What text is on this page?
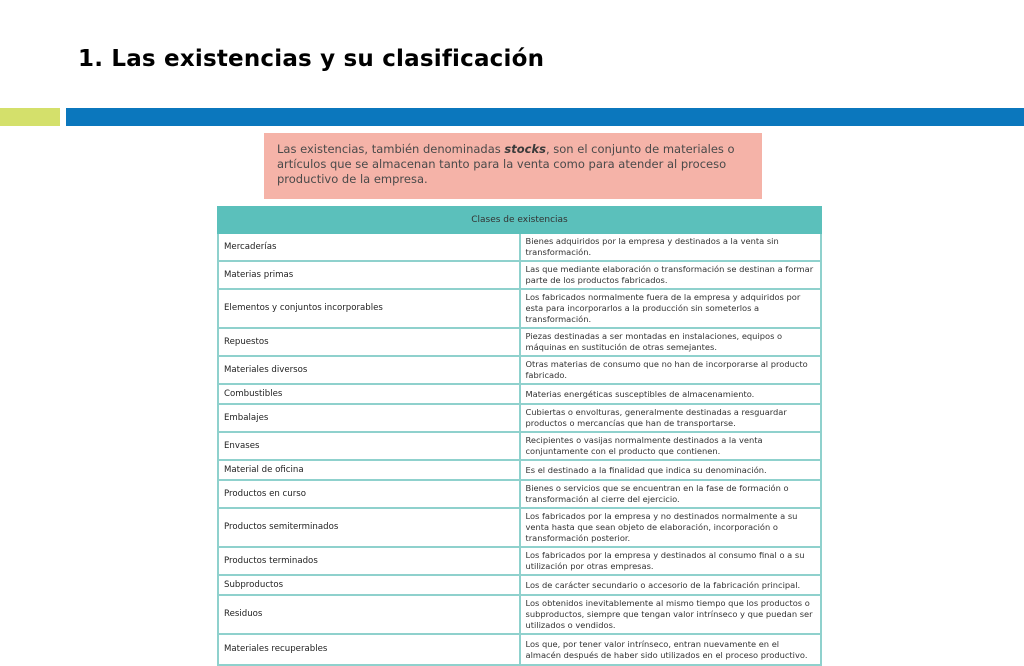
1. Las existencias y su clasificación
Las existencias, también denominadas stocks, son el conjunto de materiales o artículos que se almacenan tanto para la venta como para atender al proceso productivo de la empresa.
Clases de existencias	
Mercaderías	Bienes adquiridos por la empresa y destinados a la venta sin transformación.
Materias primas	Las que mediante elaboración o transformación se destinan a formar parte de los productos fabricados.
Elementos y conjuntos incorporables	Los fabricados normalmente fuera de la empresa y adquiridos por esta para incorporarlos a la producción sin someterlos a transformación.
Repuestos	Piezas destinadas a ser montadas en instalaciones, equipos o máquinas en sustitución de otras semejantes.
Materiales diversos	Otras materias de consumo que no han de incorporarse al producto fabricado.
Combustibles	Materias energéticas susceptibles de almacenamiento.
Embalajes	Cubiertas o envolturas, generalmente destinadas a resguardar productos o mercancías que han de transportarse.
Envases	Recipientes o vasijas normalmente destinados a la venta conjuntamente con el producto que contienen.
Material de oficina	Es el destinado a la finalidad que indica su denominación.
Productos en curso	Bienes o servicios que se encuentran en la fase de formación o transformación al cierre del ejercicio.
Productos semiterminados	Los fabricados por la empresa y no destinados normalmente a su venta hasta que sean objeto de elaboración, incorporación o transformación posterior.
Productos terminados	Los fabricados por la empresa y destinados al consumo final o a su utilización por otras empresas.
Subproductos	Los de carácter secundario o accesorio de la fabricación principal.
Residuos	Los obtenidos inevitablemente al mismo tiempo que los productos o subproductos, siempre que tengan valor intrínseco y que puedan ser utilizados o vendidos.
Materiales recuperables	Los que, por tener valor intrínseco, entran nuevamente en el almacén después de haber sido utilizados en el proceso productivo.
